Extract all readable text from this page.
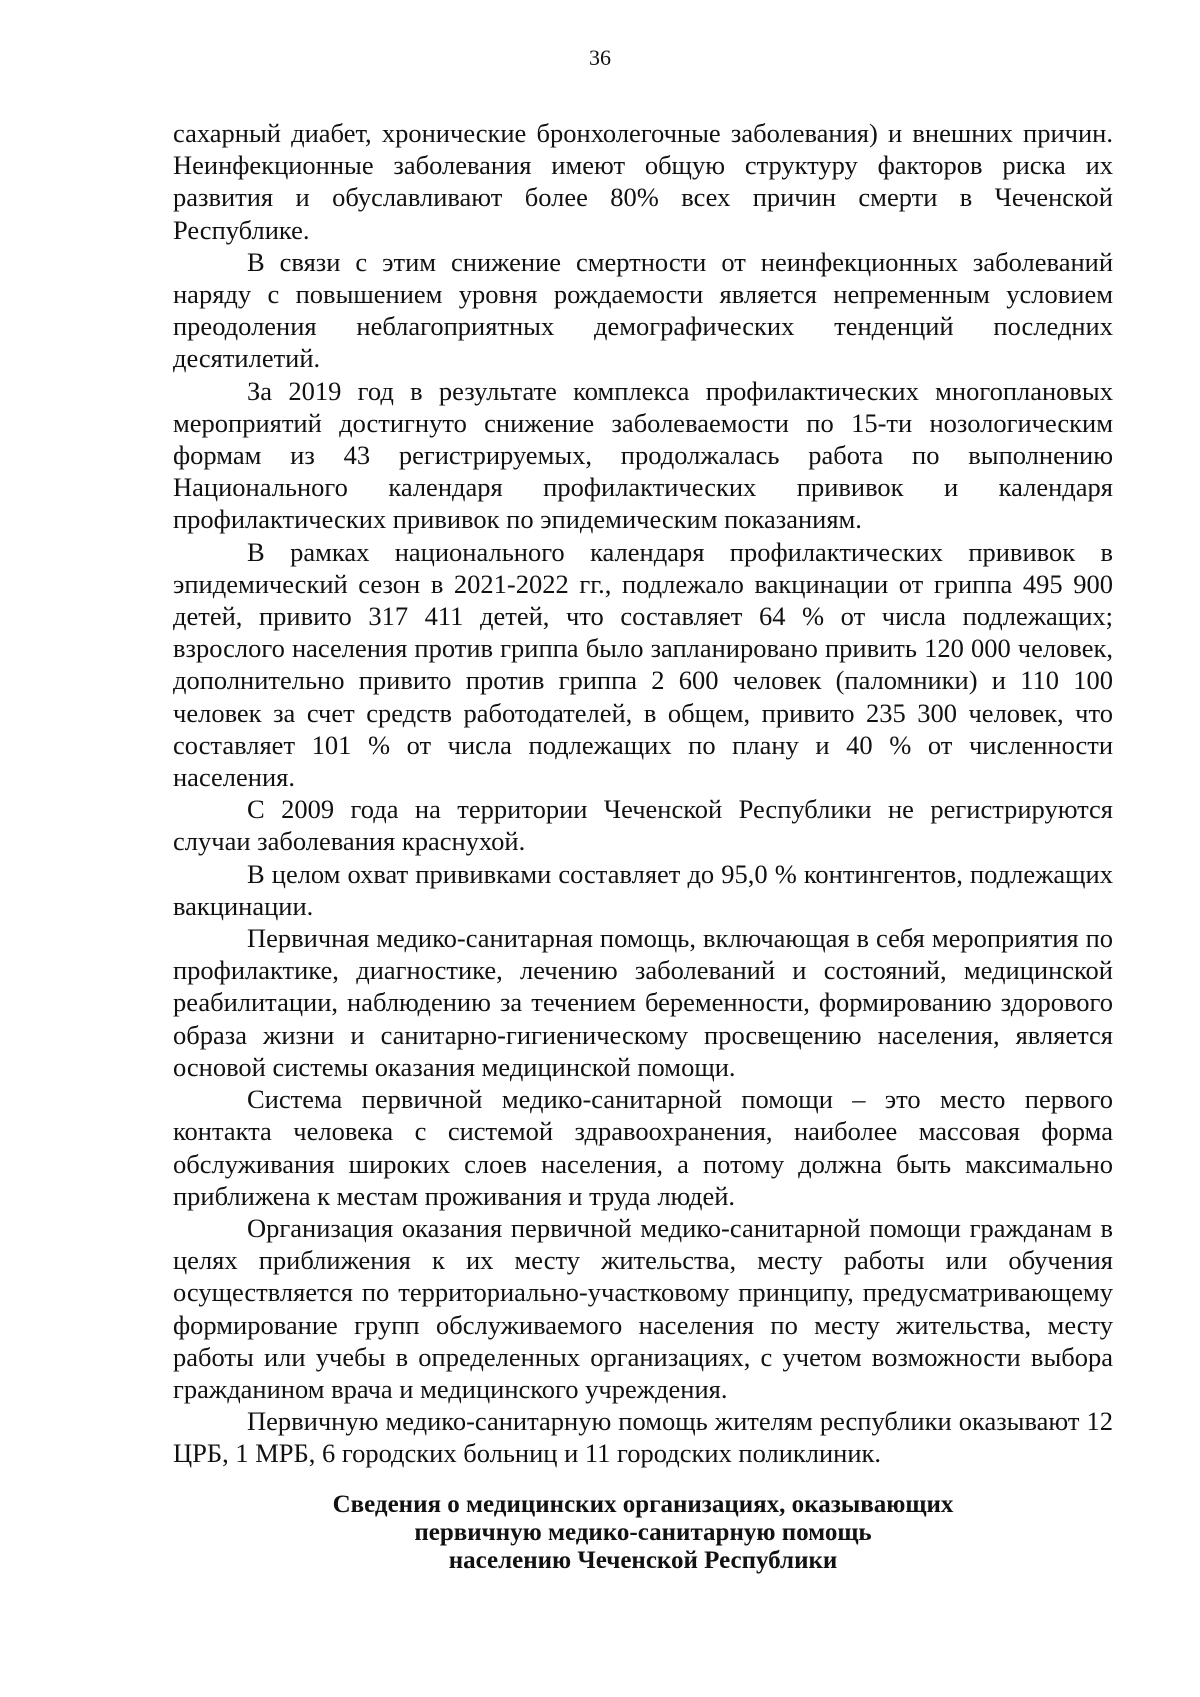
36

сахарный диабет, хронические бронхолегочные заболевания) и внешних причин. Неинфекционные заболевания имеют общую структуру факторов риска их развития и обуславливают более 80% всех причин смерти в Чеченской Республике.

В связи с этим снижение смертности от неинфекционных заболеваний наряду с повышением уровня рождаемости является непременным условием преодоления неблагоприятных демографических тенденций последних десятилетий.

За 2019 год в результате комплекса профилактических многоплановых мероприятий достигнуто снижение заболеваемости по 15-ти нозологическим формам из 43 регистрируемых, продолжалась работа по выполнению Национального календаря профилактических прививок и календаря профилактических прививок по эпидемическим показаниям.

В рамках национального календаря профилактических прививок в эпидемический сезон в 2021-2022 гг., подлежало вакцинации от гриппа 495 900 детей, привито 317 411 детей, что составляет 64 % от числа подлежащих; взрослого населения против гриппа было запланировано привить 120 000 человек, дополнительно привито против гриппа 2 600 человек (паломники) и 110 100 человек за счет средств работодателей, в общем, привито 235 300 человек, что составляет 101 % от числа подлежащих по плану и 40 % от численности населения.

С 2009 года на территории Чеченской Республики не регистрируются случаи заболевания краснухой.

В целом охват прививками составляет до 95,0 % контингентов, подлежащих вакцинации.

Первичная медико-санитарная помощь, включающая в себя мероприятия по профилактике, диагностике, лечению заболеваний и состояний, медицинской реабилитации, наблюдению за течением беременности, формированию здорового образа жизни и санитарно-гигиеническому просвещению населения, является основой системы оказания медицинской помощи.

Система первичной медико-санитарной помощи – это место первого контакта человека с системой здравоохранения, наиболее массовая форма обслуживания широких слоев населения, а потому должна быть максимально приближена к местам проживания и труда людей.

Организация оказания первичной медико-санитарной помощи гражданам в целях приближения к их месту жительства, месту работы или обучения осуществляется по территориально-участковому принципу, предусматривающему формирование групп обслуживаемого населения по месту жительства, месту работы или учебы в определенных организациях, с учетом возможности выбора гражданином врача и медицинского учреждения.

Первичную медико-санитарную помощь жителям республики оказывают 12 ЦРБ, 1 МРБ, 6 городских больниц и 11 городских поликлиник.

Сведения о медицинских организациях, оказывающих
первичную медико-санитарную помощь
населению Чеченской Республики
